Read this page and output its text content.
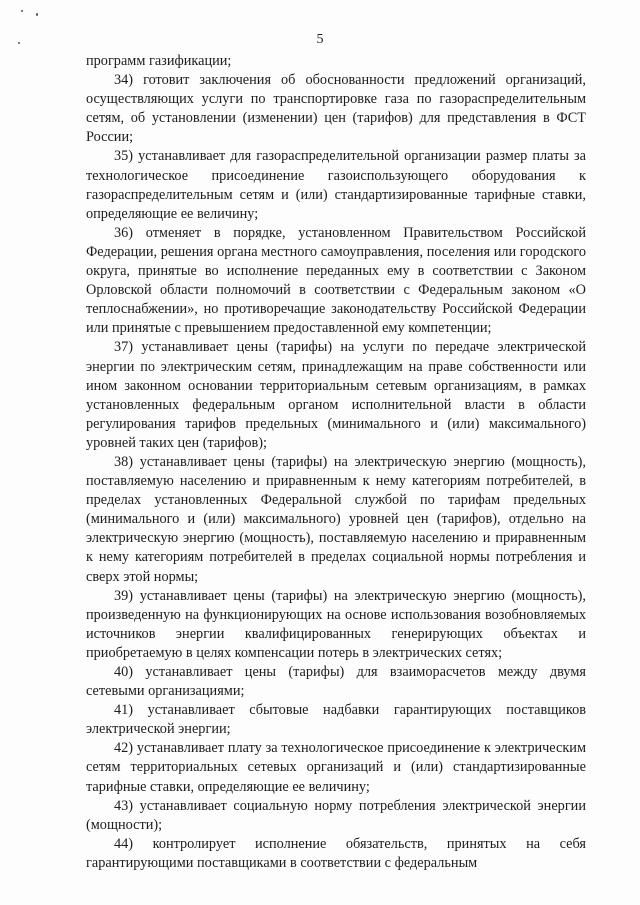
5

программ газификации;

34) готовит заключения об обоснованности предложений организаций, осуществляющих услуги по транспортировке газа по газораспределительным сетям, об установлении (изменении) цен (тарифов) для представления в ФСТ России;

35) устанавливает для газораспределительной организации размер платы за технологическое присоединение газоиспользующего оборудования к газораспределительным сетям и (или) стандартизированные тарифные ставки, определяющие ее величину;

36) отменяет в порядке, установленном Правительством Российской Федерации, решения органа местного самоуправления, поселения или городского округа, принятые во исполнение переданных ему в соответствии с Законом Орловской области полномочий в соответствии с Федеральным законом «О теплоснабжении», но противоречащие законодательству Российской Федерации или принятые с превышением предоставленной ему компетенции;

37) устанавливает цены (тарифы) на услуги по передаче электрической энергии по электрическим сетям, принадлежащим на праве собственности или ином законном основании территориальным сетевым организациям, в рамках установленных федеральным органом исполнительной власти в области регулирования тарифов предельных (минимального и (или) максимального) уровней таких цен (тарифов);

38) устанавливает цены (тарифы) на электрическую энергию (мощность), поставляемую населению и приравненным к нему категориям потребителей, в пределах установленных Федеральной службой по тарифам предельных (минимального и (или) максимального) уровней цен (тарифов), отдельно на электрическую энергию (мощность), поставляемую населению и приравненным к нему категориям потребителей в пределах социальной нормы потребления и сверх этой нормы;

39) устанавливает цены (тарифы) на электрическую энергию (мощность), произведенную на функционирующих на основе использования возобновляемых источников энергии квалифицированных генерирующих объектах и приобретаемую в целях компенсации потерь в электрических сетях;

40) устанавливает цены (тарифы) для взаиморасчетов между двумя сетевыми организациями;

41) устанавливает сбытовые надбавки гарантирующих поставщиков электрической энергии;

42) устанавливает плату за технологическое присоединение к электрическим сетям территориальных сетевых организаций и (или) стандартизированные тарифные ставки, определяющие ее величину;

43) устанавливает социальную норму потребления электрической энергии (мощности);

44) контролирует исполнение обязательств, принятых на себя гарантирующими поставщиками в соответствии с федеральным
